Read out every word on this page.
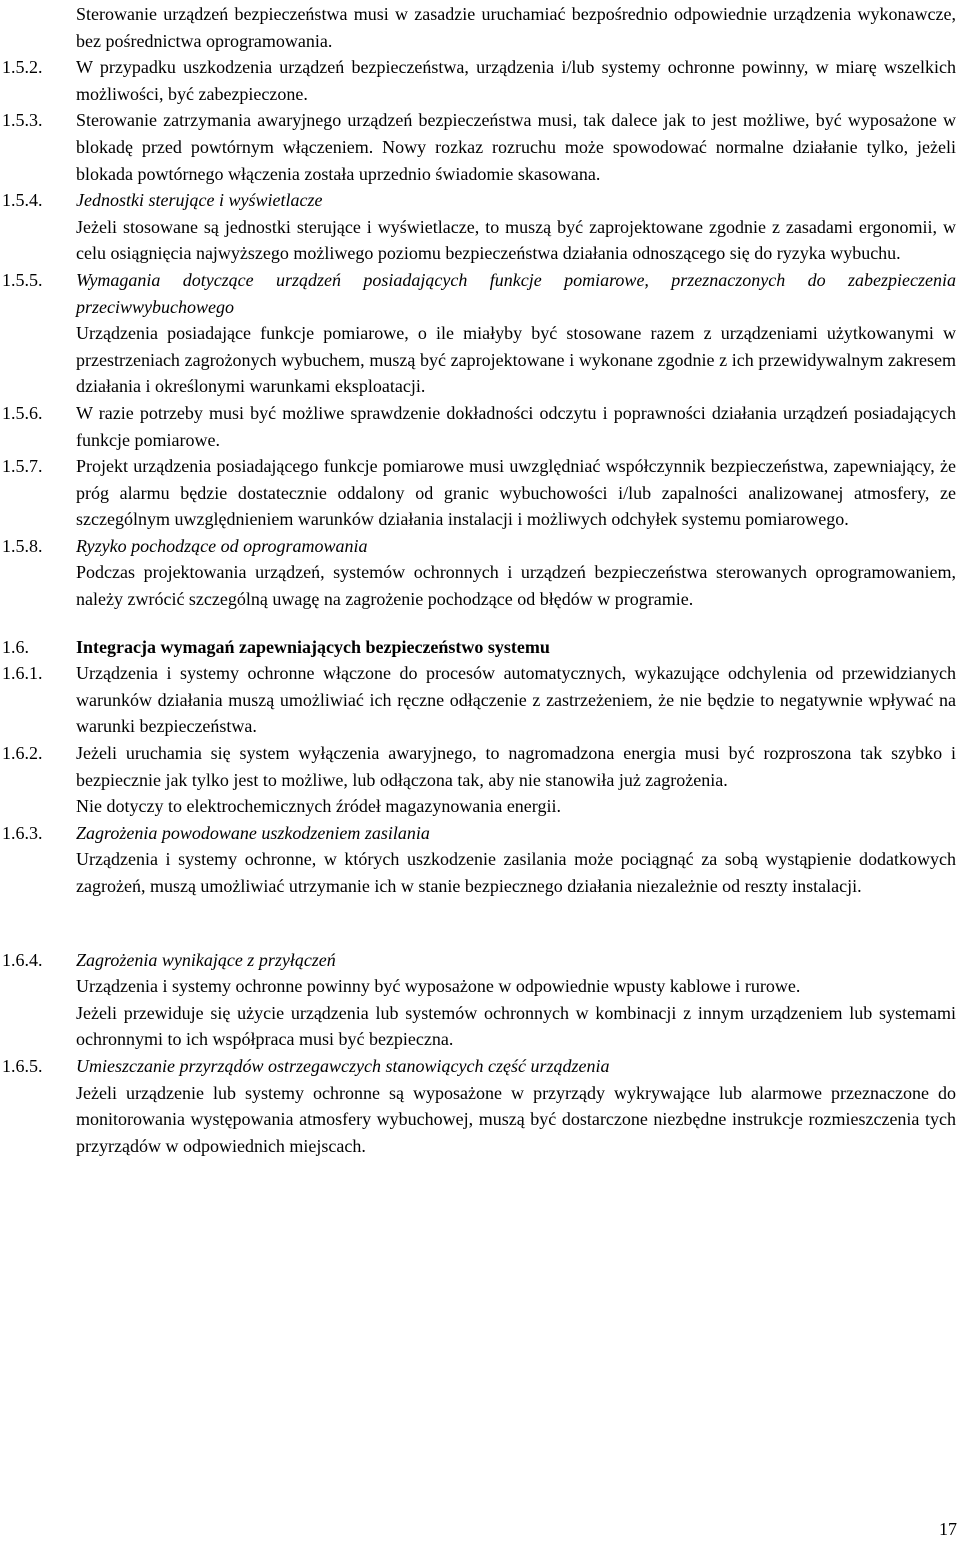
Sterowanie urządzeń bezpieczeństwa musi w zasadzie uruchamiać bezpośrednio odpowiednie urządzenia wykonawcze, bez pośrednictwa oprogramowania.

1.5.2.	W przypadku uszkodzenia urządzeń bezpieczeństwa, urządzenia i/lub systemy ochronne powinny, w miarę wszelkich możliwości, być zabezpieczone.

1.5.3.	Sterowanie zatrzymania awaryjnego urządzeń bezpieczeństwa musi, tak dalece jak to jest możliwe, być wyposażone w blokadę przed powtórnym włączeniem. Nowy rozkaz rozruchu może spowodować normalne działanie tylko, jeżeli blokada powtórnego włączenia została uprzednio świadomie skasowana.

1.5.4.	Jednostki sterujące i wyświetlacze

Jeżeli stosowane są jednostki sterujące i wyświetlacze, to muszą być zaprojektowane zgodnie z zasadami ergonomii, w celu osiągnięcia najwyższego możliwego poziomu bezpieczeństwa działania odnoszącego się do ryzyka wybuchu.

1.5.5.	Wymagania dotyczące urządzeń posiadających funkcje pomiarowe, przeznaczonych do zabezpieczenia przeciwwybuchowego

Urządzenia posiadające funkcje pomiarowe, o ile miałyby być stosowane razem z urządzeniami użytkowanymi w przestrzeniach zagrożonych wybuchem, muszą być zaprojektowane i wykonane zgodnie z ich przewidywalnym zakresem działania i określonymi warunkami eksploatacji.

1.5.6.	W razie potrzeby musi być możliwe sprawdzenie dokładności odczytu i poprawności działania urządzeń posiadających funkcje pomiarowe.

1.5.7.	Projekt urządzenia posiadającego funkcje pomiarowe musi uwzględniać współczynnik bezpieczeństwa, zapewniający, że próg alarmu będzie dostatecznie oddalony od granic wybuchowości i/lub zapalności analizowanej atmosfery, ze szczególnym uwzględnieniem warunków działania instalacji i możliwych odchyłek systemu pomiarowego.

1.5.8.	Ryzyko pochodzące od oprogramowania

Podczas projektowania urządzeń, systemów ochronnych i urządzeń bezpieczeństwa sterowanych oprogramowaniem, należy zwrócić szczególną uwagę na zagrożenie pochodzące od błędów w programie.

1.6.	Integracja wymagań zapewniających bezpieczeństwo systemu

1.6.1.	Urządzenia i systemy ochronne włączone do procesów automatycznych, wykazujące odchylenia od przewidzianych warunków działania muszą umożliwiać ich ręczne odłączenie z zastrzeżeniem, że nie będzie to negatywnie wpływać na warunki bezpieczeństwa.

1.6.2.	Jeżeli uruchamia się system wyłączenia awaryjnego, to nagromadzona energia musi być rozproszona tak szybko i bezpiecznie jak tylko jest to możliwe, lub odłączona tak, aby nie stanowiła już zagrożenia.

Nie dotyczy to elektrochemicznych źródeł magazynowania energii.

1.6.3.	Zagrożenia powodowane uszkodzeniem zasilania

Urządzenia i systemy ochronne, w których uszkodzenie zasilania może pociągnąć za sobą wystąpienie dodatkowych zagrożeń, muszą umożliwiać utrzymanie ich w stanie bezpiecznego działania niezależnie od reszty instalacji.

1.6.4.	Zagrożenia wynikające z przyłączeń

Urządzenia i systemy ochronne powinny być wyposażone w odpowiednie wpusty kablowe i rurowe.

Jeżeli przewiduje się użycie urządzenia lub systemów ochronnych w kombinacji z innym urządzeniem lub systemami ochronnymi to ich współpraca musi być bezpieczna.

1.6.5.	Umieszczanie przyrządów ostrzegawczych stanowiących część urządzenia

Jeżeli urządzenie lub systemy ochronne są wyposażone w przyrządy wykrywające lub alarmowe przeznaczone do monitorowania występowania atmosfery wybuchowej, muszą być dostarczone niezbędne instrukcje rozmieszczenia tych przyrządów w odpowiednich miejscach.

17
